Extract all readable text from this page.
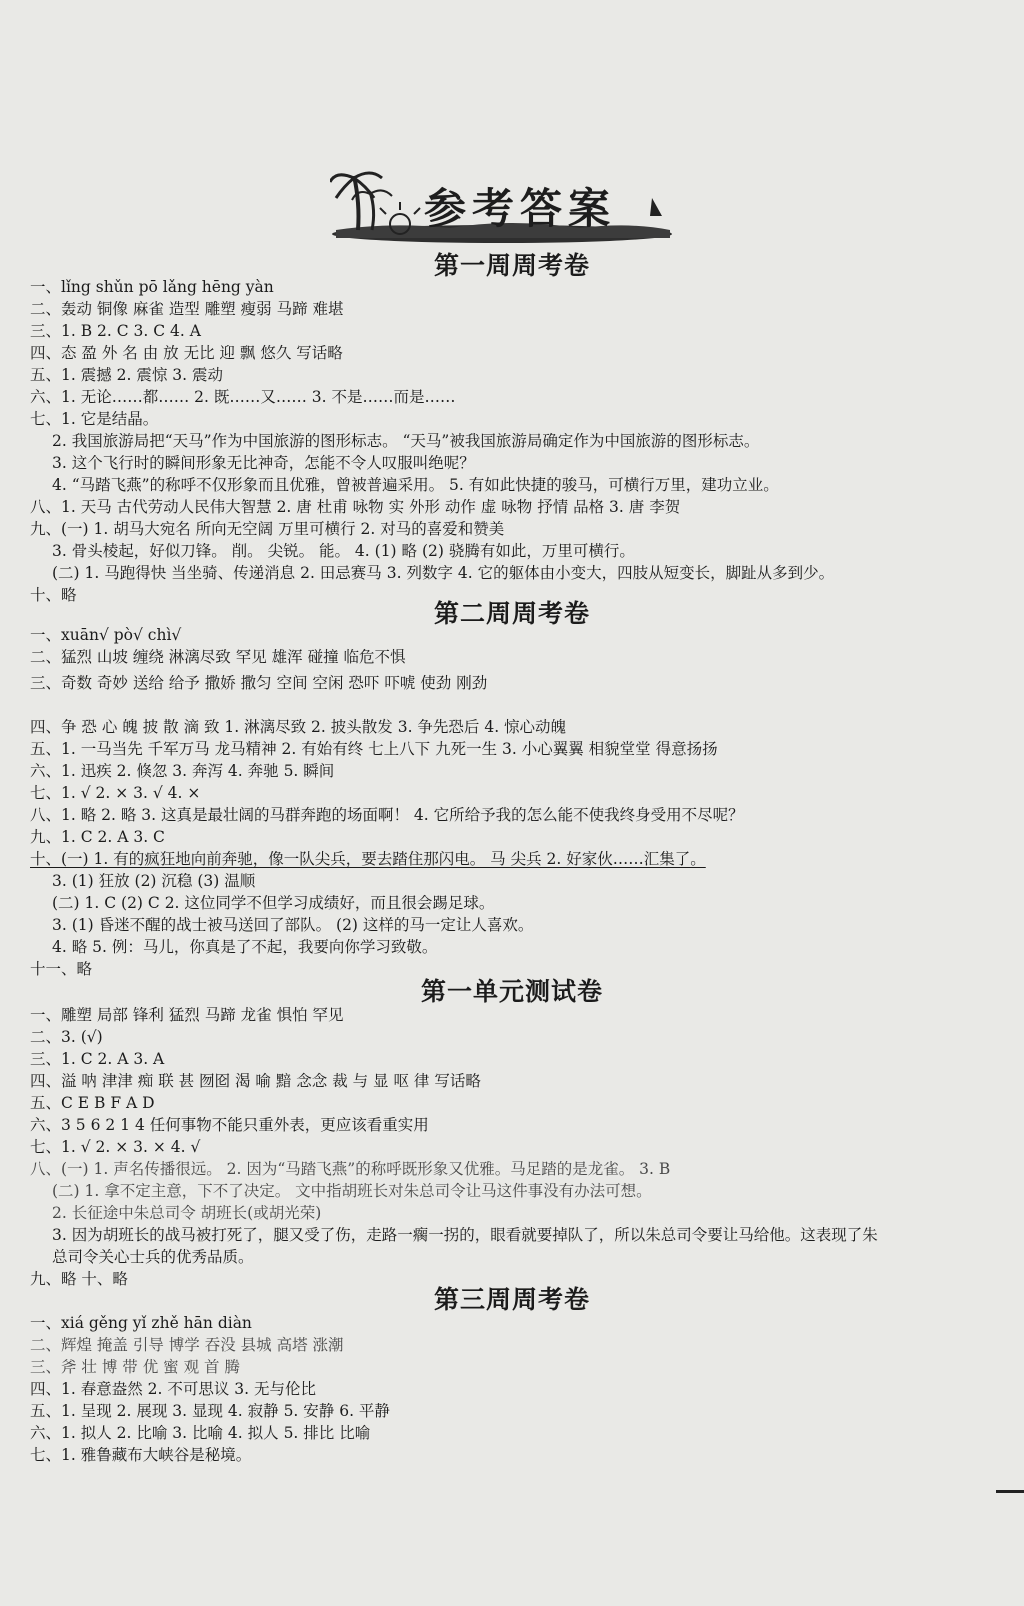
参考答案
第一周周考卷
一、lǐng shǔn pō lǎng hēng yàn
二、轰动 铜像 麻雀 造型 雕塑 瘦弱 马蹄 难堪
三、1. B 2. C 3. C 4. A
四、态 盈 外 名 由 放 无比 迎 飘 悠久 写话略
五、1. 震撼 2. 震惊 3. 震动
六、1. 无论……都…… 2. 既……又…… 3. 不是……而是……
七、1. 它是结晶。
2. 我国旅游局把“天马”作为中国旅游的图形标志。 “天马”被我国旅游局确定作为中国旅游的图形标志。
3. 这个飞行时的瞬间形象无比神奇，怎能不令人叹服叫绝呢？
4. “马踏飞燕”的称呼不仅形象而且优雅，曾被普遍采用。 5. 有如此快捷的骏马，可横行万里，建功立业。
八、1. 天马 古代劳动人民伟大智慧 2. 唐 杜甫 咏物 实 外形 动作 虚 咏物 抒情 品格 3. 唐 李贺
九、(一) 1. 胡马大宛名 所向无空阔 万里可横行 2. 对马的喜爱和赞美
3. 骨头棱起，好似刀锋。 削。 尖锐。 能。 4. (1) 略 (2) 骁腾有如此，万里可横行。
(二) 1. 马跑得快 当坐骑、传递消息 2. 田忌赛马 3. 列数字 4. 它的躯体由小变大，四肢从短变长，脚趾从多到少。
十、略
第二周周考卷
一、xuān√ pò√ chì√
二、猛烈 山坡 缠绕 淋漓尽致 罕见 雄浑 碰撞 临危不惧
三、奇数 奇妙 送给 给予 撒娇 撒匀 空间 空闲 恐吓 吓唬 使劲 刚劲
四、争 恐 心 魄 披 散 滴 致 1. 淋漓尽致 2. 披头散发 3. 争先恐后 4. 惊心动魄
五、1. 一马当先 千军万马 龙马精神 2. 有始有终 七上八下 九死一生 3. 小心翼翼 相貌堂堂 得意扬扬
六、1. 迅疾 2. 倏忽 3. 奔泻 4. 奔驰 5. 瞬间
七、1. √ 2. × 3. √ 4. ×
八、1. 略 2. 略 3. 这真是最壮阔的马群奔跑的场面啊！ 4. 它所给予我的怎么能不使我终身受用不尽呢？
九、1. C 2. A 3. C
十、(一) 1. 有的疯狂地向前奔驰，像一队尖兵，要去踏住那闪电。 马 尖兵 2. 好家伙……汇集了。
3. (1) 狂放 (2) 沉稳 (3) 温顺
(二) 1. C (2) C 2. 这位同学不但学习成绩好，而且很会踢足球。
3. (1) 昏迷不醒的战士被马送回了部队。 (2) 这样的马一定让人喜欢。
4. 略 5. 例：马儿，你真是了不起，我要向你学习致敬。
十一、略
第一单元测试卷
一、雕塑 局部 锋利 猛烈 马蹄 龙雀 惧怕 罕见
二、3. (√)
三、1. C 2. A 3. A
四、溢 呐 津津 痴 联 甚 囫囵 渴 喻 黯 念念 裁 与 显 呕 律 写话略
五、C E B F A D
六、3 5 6 2 1 4 任何事物不能只重外表，更应该看重实用
七、1. √ 2. × 3. × 4. √
八、(一) 1. 声名传播很远。 2. 因为“马踏飞燕”的称呼既形象又优雅。马足踏的是龙雀。 3. B
(二) 1. 拿不定主意，下不了决定。 文中指胡班长对朱总司令让马这件事没有办法可想。
2. 长征途中朱总司令 胡班长(或胡光荣)
3. 因为胡班长的战马被打死了，腿又受了伤，走路一瘸一拐的，眼看就要掉队了，所以朱总司令要让马给他。这表现了朱
总司令关心士兵的优秀品质。
九、略 十、略
第三周周考卷
一、xiá gěng yǐ zhě hān diàn
二、辉煌 掩盖 引导 博学 吞没 县城 高塔 涨潮
三、斧 壮 博 带 优 蜜 观 首 腾
四、1. 春意盎然 2. 不可思议 3. 无与伦比
五、1. 呈现 2. 展现 3. 显现 4. 寂静 5. 安静 6. 平静
六、1. 拟人 2. 比喻 3. 比喻 4. 拟人 5. 排比 比喻
七、1. 雅鲁藏布大峡谷是秘境。
